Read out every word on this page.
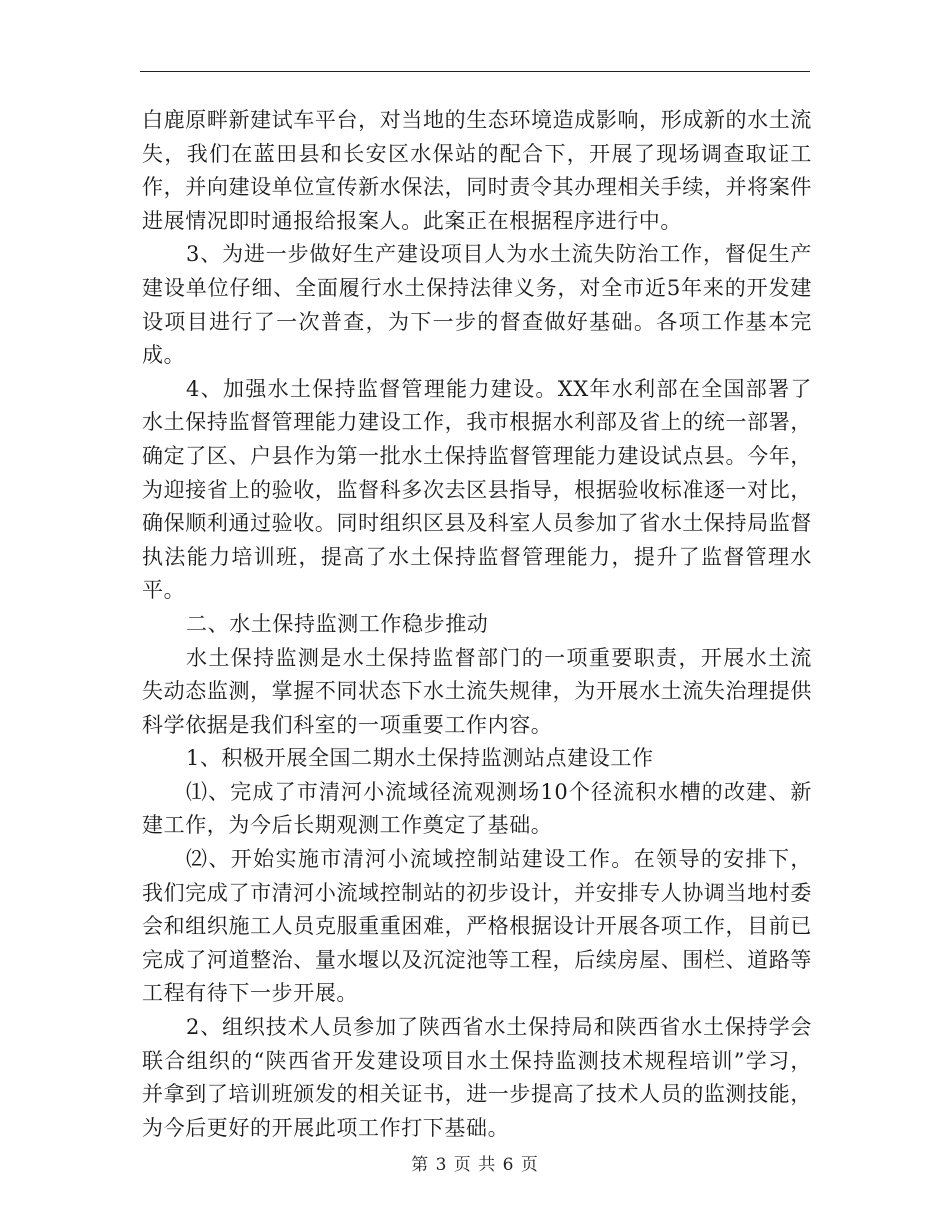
白鹿原畔新建试车平台，对当地的生态环境造成影响，形成新的水土流失，我们在蓝田县和长安区水保站的配合下，开展了现场调查取证工作，并向建设单位宣传新水保法，同时责令其办理相关手续，并将案件进展情况即时通报给报案人。此案正在根据程序进行中。

3、为进一步做好生产建设项目人为水土流失防治工作，督促生产建设单位仔细、全面履行水土保持法律义务，对全市近5年来的开发建设项目进行了一次普查，为下一步的督查做好基础。各项工作基本完成。

4、加强水土保持监督管理能力建设。XX年水利部在全国部署了水土保持监督管理能力建设工作，我市根据水利部及省上的统一部署，确定了区、户县作为第一批水土保持监督管理能力建设试点县。今年，为迎接省上的验收，监督科多次去区县指导，根据验收标准逐一对比，确保顺利通过验收。同时组织区县及科室人员参加了省水土保持局监督执法能力培训班，提高了水土保持监督管理能力，提升了监督管理水平。

二、水土保持监测工作稳步推动

水土保持监测是水土保持监督部门的一项重要职责，开展水土流失动态监测，掌握不同状态下水土流失规律，为开展水土流失治理提供科学依据是我们科室的一项重要工作内容。

1、积极开展全国二期水土保持监测站点建设工作

⑴、完成了市清河小流域径流观测场10个径流积水槽的改建、新建工作，为今后长期观测工作奠定了基础。

⑵、开始实施市清河小流域控制站建设工作。在领导的安排下，我们完成了市清河小流域控制站的初步设计，并安排专人协调当地村委会和组织施工人员克服重重困难，严格根据设计开展各项工作，目前已完成了河道整治、量水堰以及沉淀池等工程，后续房屋、围栏、道路等工程有待下一步开展。

2、组织技术人员参加了陕西省水土保持局和陕西省水土保持学会联合组织的“陕西省开发建设项目水土保持监测技术规程培训”学习，并拿到了培训班颁发的相关证书，进一步提高了技术人员的监测技能，为今后更好的开展此项工作打下基础。

第 3 页 共 6 页
